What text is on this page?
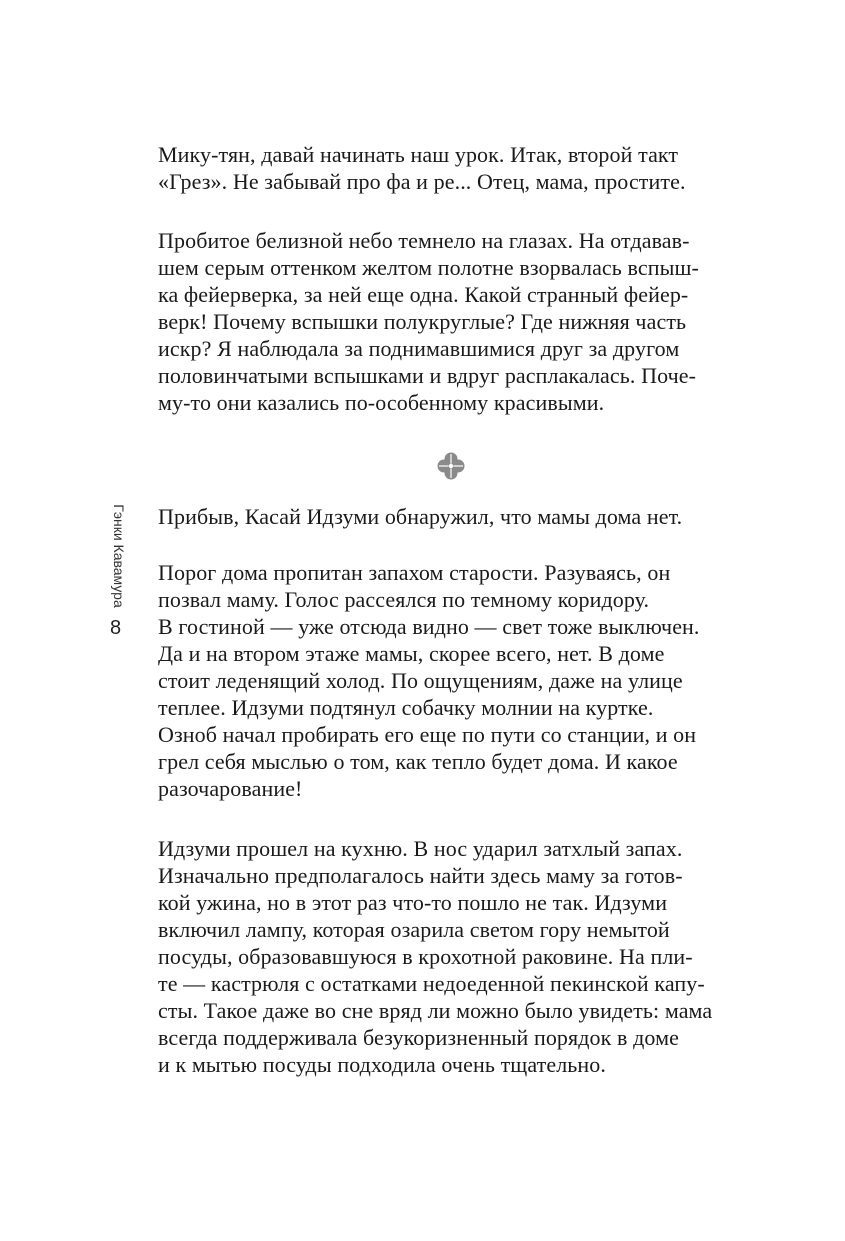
Гэнки Кавамура
8
Мику-тян, давай начинать наш урок. Итак, второй такт
«Грез». Не забывай про фа и ре... Отец, мама, простите.
Пробитое белизной небо темнело на глазах. На отдавав-
шем серым оттенком желтом полотне взорвалась вспыш-
ка фейерверка, за ней еще одна. Какой странный фейер-
верк! Почему вспышки полукруглые? Где нижняя часть
искр? Я наблюдала за поднимавшимися друг за другом
половинчатыми вспышками и вдруг расплакалась. Поче-
му-то они казались по-особенному красивыми.
Прибыв, Касай Идзуми обнаружил, что мамы дома нет.
Порог дома пропитан запахом старости. Разуваясь, он
позвал маму. Голос рассеялся по темному коридору.
В гостиной — уже отсюда видно — свет тоже выключен.
Да и на втором этаже мамы, скорее всего, нет. В доме
стоит леденящий холод. По ощущениям, даже на улице
теплее. Идзуми подтянул собачку молнии на куртке.
Озноб начал пробирать его еще по пути со станции, и он
грел себя мыслью о том, как тепло будет дома. И какое
разочарование!
Идзуми прошел на кухню. В нос ударил затхлый запах.
Изначально предполагалось найти здесь маму за готов-
кой ужина, но в этот раз что-то пошло не так. Идзуми
включил лампу, которая озарила светом гору немытой
посуды, образовавшуюся в крохотной раковине. На пли-
те — кастрюля с остатками недоеденной пекинской капу-
сты. Такое даже во сне вряд ли можно было увидеть: мама
всегда поддерживала безукоризненный порядок в доме
и к мытью посуды подходила очень тщательно.
